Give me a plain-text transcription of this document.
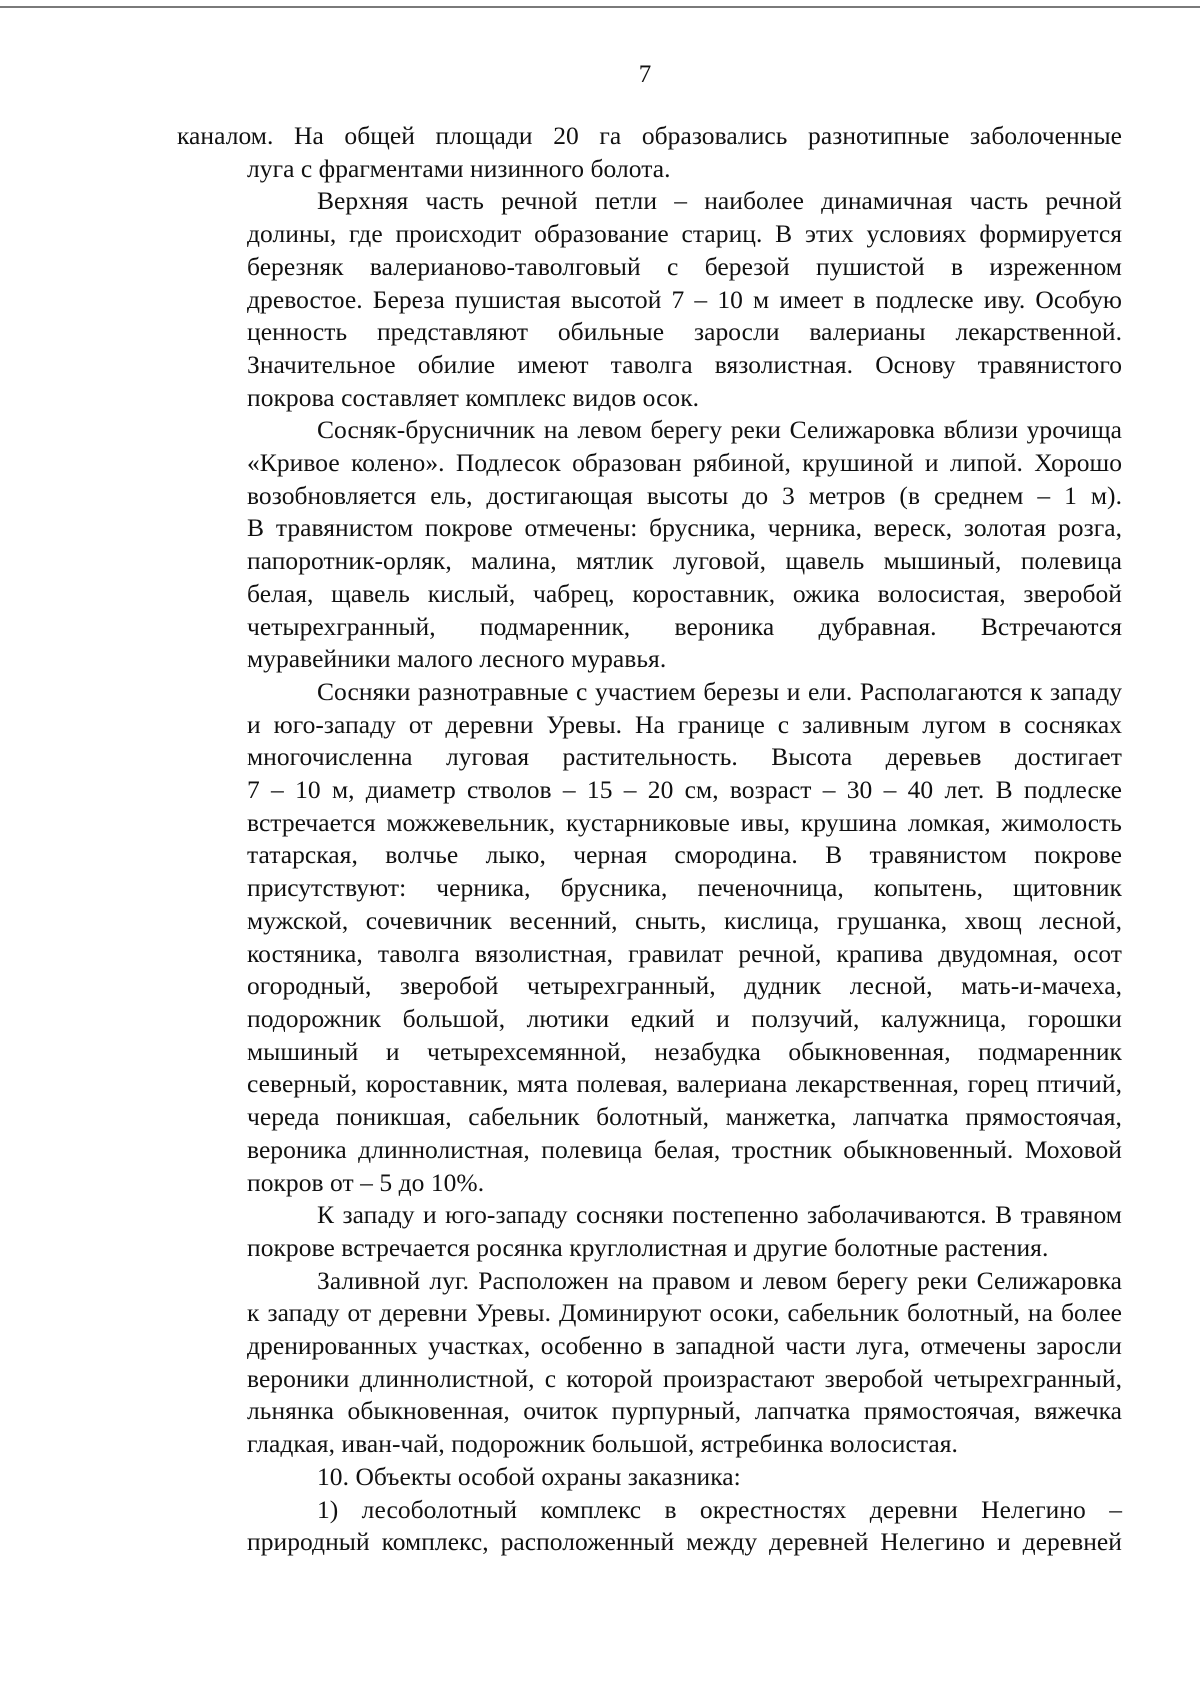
7

каналом. На общей площади 20 га образовались разнотипные заболоченные
луга с фрагментами низинного болота.

Верхняя часть речной петли – наиболее динамичная часть речной
долины, где происходит образование стариц. В этих условиях формируется
березняк валерианово-таволговый с березой пушистой в изреженном
древостое. Береза пушистая высотой 7 – 10 м имеет в подлеске иву. Особую
ценность представляют обильные заросли валерианы лекарственной.
Значительное обилие имеют таволга вязолистная. Основу травянистого
покрова составляет комплекс видов осок.

Сосняк-брусничник на левом берегу реки Селижаровка вблизи урочища
«Кривое колено». Подлесок образован рябиной, крушиной и липой. Хорошо
возобновляется ель, достигающая высоты до 3 метров (в среднем – 1 м).
В травянистом покрове отмечены: брусника, черника, вереск, золотая розга,
папоротник-орляк, малина, мятлик луговой, щавель мышиный, полевица
белая, щавель кислый, чабрец, короставник, ожика волосистая, зверобой
четырехгранный, подмаренник, вероника дубравная. Встречаются
муравейники малого лесного муравья.

Сосняки разнотравные с участием березы и ели. Располагаются к западу
и юго-западу от деревни Уревы. На границе с заливным лугом в сосняках
многочисленна луговая растительность. Высота деревьев достигает
7 – 10 м, диаметр стволов – 15 – 20 см, возраст – 30 – 40 лет. В подлеске
встречается можжевельник, кустарниковые ивы, крушина ломкая, жимолость
татарская, волчье лыко, черная смородина. В травянистом покрове
присутствуют: черника, брусника, печеночница, копытень, щитовник
мужской, сочевичник весенний, сныть, кислица, грушанка, хвощ лесной,
костяника, таволга вязолистная, гравилат речной, крапива двудомная, осот
огородный, зверобой четырехгранный, дудник лесной, мать-и-мачеха,
подорожник большой, лютики едкий и ползучий, калужница, горошки
мышиный и четырехсемянной, незабудка обыкновенная, подмаренник
северный, короставник, мята полевая, валериана лекарственная, горец птичий,
череда поникшая, сабельник болотный, манжетка, лапчатка прямостоячая,
вероника длиннолистная, полевица белая, тростник обыкновенный. Моховой
покров от – 5 до 10%.

К западу и юго-западу сосняки постепенно заболачиваются. В травяном
покрове встречается росянка круглолистная и другие болотные растения.

Заливной луг. Расположен на правом и левом берегу реки Селижаровка
к западу от деревни Уревы. Доминируют осоки, сабельник болотный, на более
дренированных участках, особенно в западной части луга, отмечены заросли
вероники длиннолистной, с которой произрастают зверобой четырехгранный,
льнянка обыкновенная, очиток пурпурный, лапчатка прямостоячая, вяжечка
гладкая, иван-чай, подорожник большой, ястребинка волосистая.

10. Объекты особой охраны заказника:

1) лесоболотный комплекс в окрестностях деревни Нелегино –
природный комплекс, расположенный между деревней Нелегино и деревней
